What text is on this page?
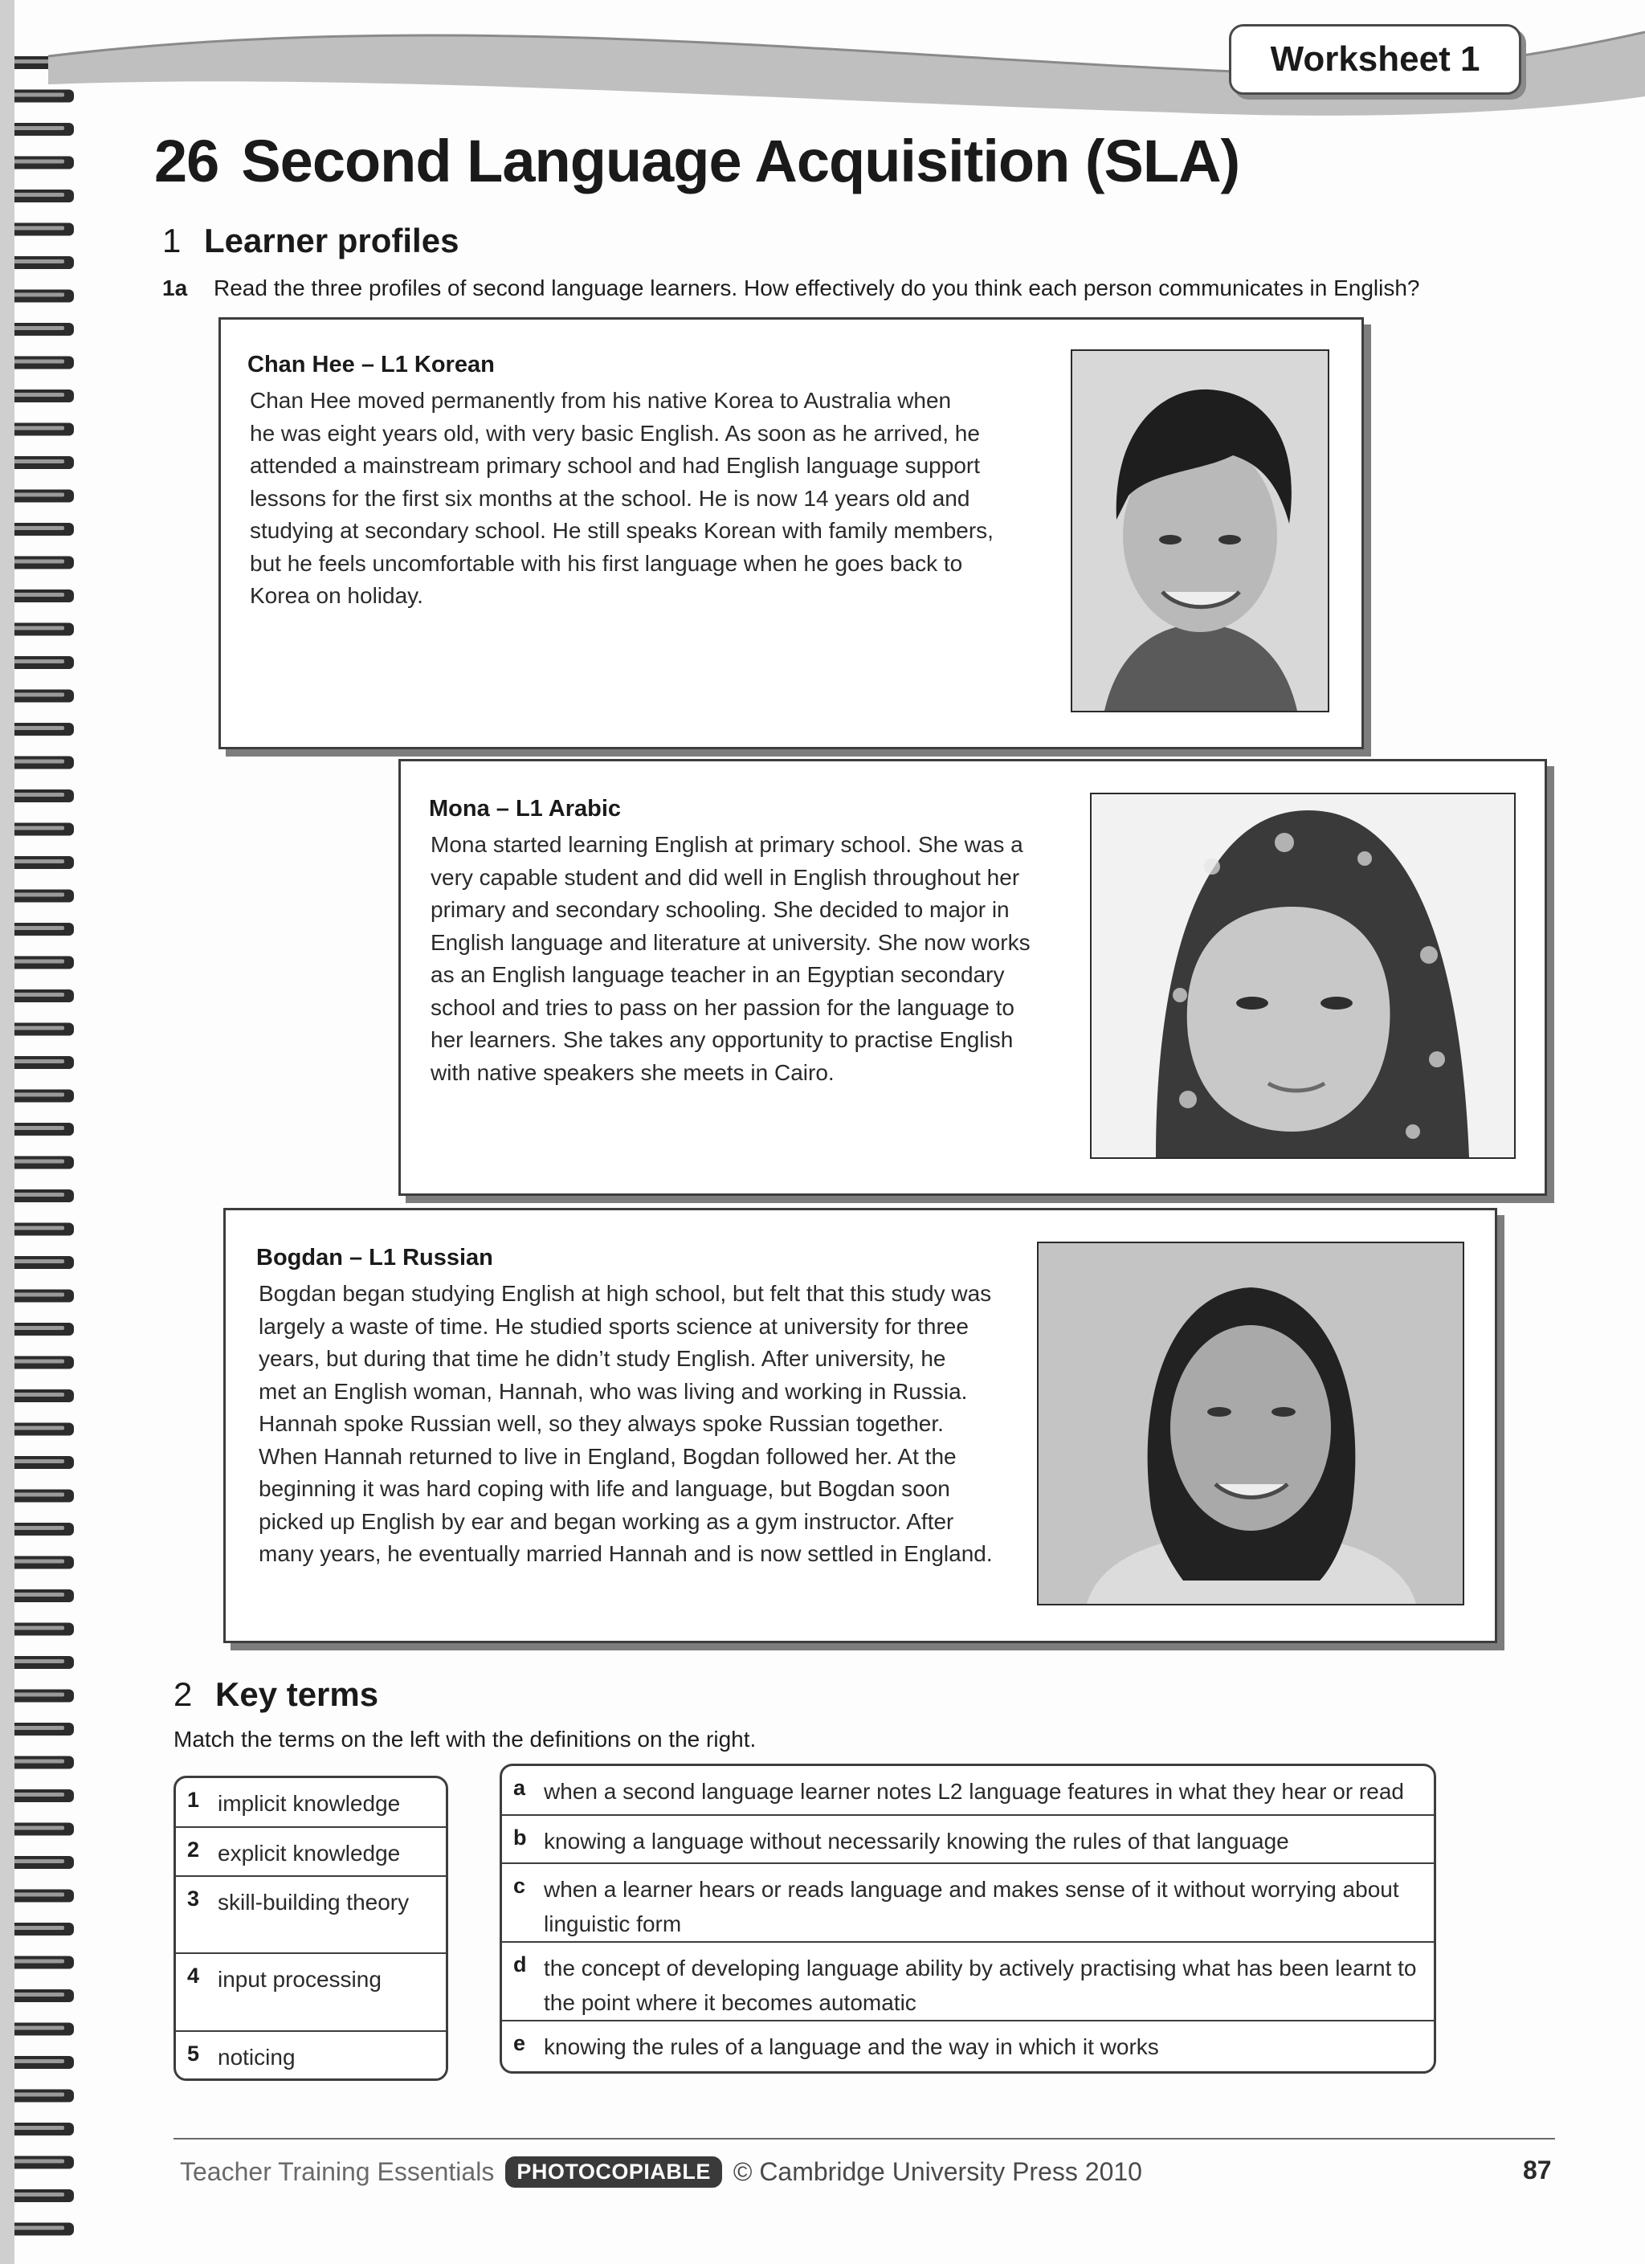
Worksheet 1
26 Second Language Acquisition (SLA)
1 Learner profiles
1a Read the three profiles of second language learners. How effectively do you think each person communicates in English?
Chan Hee – L1 Korean
Chan Hee moved permanently from his native Korea to Australia when
he was eight years old, with very basic English. As soon as he arrived, he
attended a mainstream primary school and had English language support
lessons for the first six months at the school. He is now 14 years old and
studying at secondary school. He still speaks Korean with family members,
but he feels uncomfortable with his first language when he goes back to
Korea on holiday.
Mona – L1 Arabic
Mona started learning English at primary school. She was a
very capable student and did well in English throughout her
primary and secondary schooling. She decided to major in
English language and literature at university. She now works
as an English language teacher in an Egyptian secondary
school and tries to pass on her passion for the language to
her learners. She takes any opportunity to practise English
with native speakers she meets in Cairo.
Bogdan – L1 Russian
Bogdan began studying English at high school, but felt that this study was
largely a waste of time. He studied sports science at university for three
years, but during that time he didn’t study English. After university, he
met an English woman, Hannah, who was living and working in Russia.
Hannah spoke Russian well, so they always spoke Russian together.
When Hannah returned to live in England, Bogdan followed her. At the
beginning it was hard coping with life and language, but Bogdan soon
picked up English by ear and began working as a gym instructor. After
many years, he eventually married Hannah and is now settled in England.
2 Key terms
Match the terms on the left with the definitions on the right.
1 implicit knowledge
2 explicit knowledge
3 skill-building theory
4 input processing
5 noticing
a when a second language learner notes L2 language features in what they hear or read
b knowing a language without necessarily knowing the rules of that language
c when a learner hears or reads language and makes sense of it without worrying about linguistic form
d the concept of developing language ability by actively practising what has been learnt to the point where it becomes automatic
e knowing the rules of a language and the way in which it works
Teacher Training Essentials	PHOTOCOPIABLE © Cambridge University Press 2010	87
